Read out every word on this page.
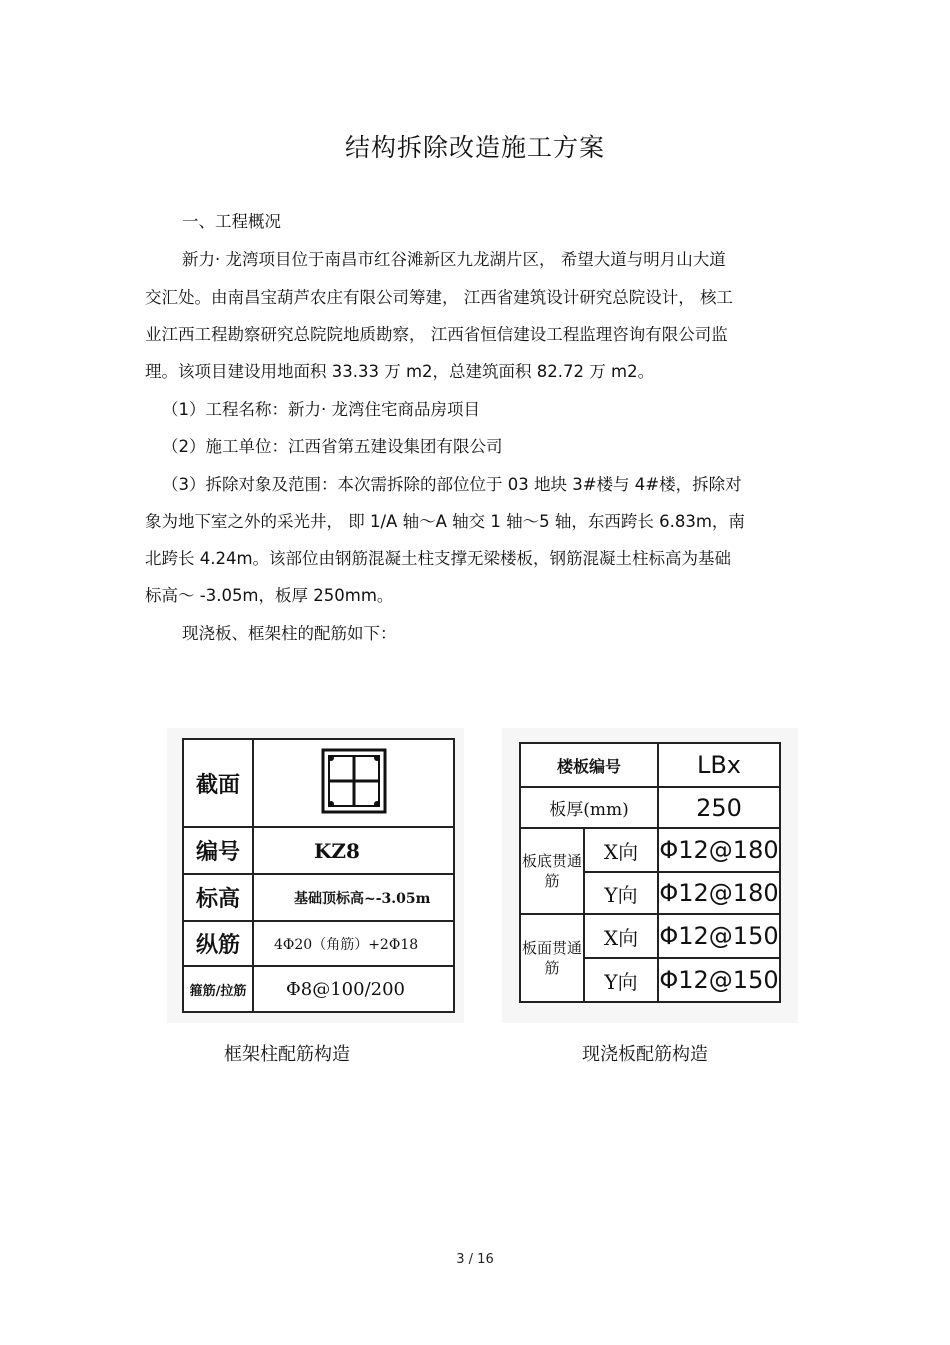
结构拆除改造施工方案
一、工程概况
新力· 龙湾项目位于南昌市红谷滩新区九龙湖片区， 希望大道与明月山大道
交汇处。由南昌宝葫芦农庄有限公司筹建， 江西省建筑设计研究总院设计， 核工
业江西工程勘察研究总院院地质勘察， 江西省恒信建设工程监理咨询有限公司监
理。该项目建设用地面积 33.33 万 m2，总建筑面积 82.72 万 m2。
（1）工程名称：新力· 龙湾住宅商品房项目
（2）施工单位：江西省第五建设集团有限公司
（3）拆除对象及范围：本次需拆除的部位位于 03 地块 3#楼与 4#楼，拆除对
象为地下室之外的采光井， 即 1/A 轴～A 轴交 1 轴～5 轴，东西跨长 6.83m，南
北跨长 4.24m。该部位由钢筋混凝土柱支撑无梁楼板，钢筋混凝土柱标高为基础
标高～ -3.05m，板厚 250mm。
现浇板、框架柱的配筋如下：
截面	
编号	KZ8
标高	基础顶标高~-3.05m
纵筋	4Φ20（角筋）+2Φ18
箍筋/拉筋	Φ8@100/200
楼板编号		LBx
板厚(mm)		250
板底贯通筋	X向	Φ12@180
	Y向	Φ12@180
板面贯通筋	X向	Φ12@150
	Y向	Φ12@150
框架柱配筋构造	现浇板配筋构造
3 / 16
